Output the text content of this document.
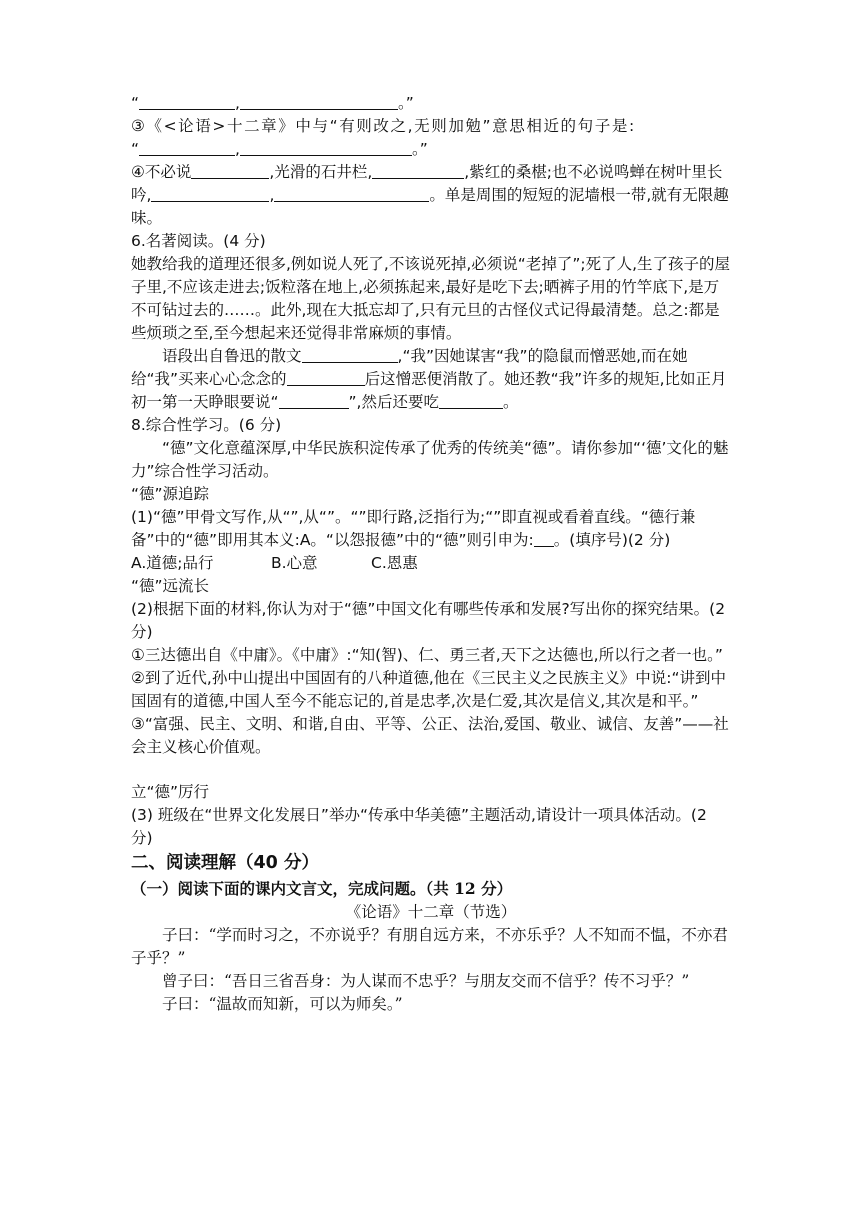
“	,	。”

③《<论语>十二章》中与“有则改之,无则加勉”意思相近的句子是:

“	,	。”

④不必说	,光滑的石井栏,	,紫红的桑椹;也不必说鸣蝉在树叶里长吟,	,	。单是周围的短短的泥墙根一带,就有无限趣味。

6.名著阅读。(4 分)

她教给我的道理还很多,例如说人死了,不该说死掉,必须说“老掉了”;死了人,生了孩子的屋子里,不应该走进去;饭粒落在地上,必须拣起来,最好是吃下去;晒裤子用的竹竿底下,是万不可钻过去的……。此外,现在大抵忘却了,只有元旦的古怪仪式记得最清楚。总之:都是些烦琐之至,至今想起来还觉得非常麻烦的事情。

语段出自鲁迅的散文	,“我”因她谋害“我”的隐鼠而憎恶她,而在她给“我”买来心心念念的	后这憎恶便消散了。她还教“我”许多的规矩,比如正月初一第一天睁眼要说“	”,然后还要吃	。

8.综合性学习。(6 分)

“德”文化意蕴深厚,中华民族积淀传承了优秀的传统美“德”。请你参加“‘德’文化的魅力”综合性学习活动。

“德”源追踪

(1)“德”甲骨文写作,从“”,从“”。“”即行路,泛指行为;“”即直视或看着直线。“德行兼备”中的“德”即用其本义:A。“以怨报德”中的“德”则引申为: 。(填序号)(2 分)

A.道德;品行	B.心意	C.恩惠

“德”远流长

(2)根据下面的材料,你认为对于“德”中国文化有哪些传承和发展?写出你的探究结果。(2 分)

①三达德出自《中庸》。《中庸》:“知(智)、仁、勇三者,天下之达德也,所以行之者一也。”

②到了近代,孙中山提出中国固有的八种道德,他在《三民主义之民族主义》中说:“讲到中国固有的道德,中国人至今不能忘记的,首是忠孝,次是仁爱,其次是信义,其次是和平。”

③“富强、民主、文明、和谐,自由、平等、公正、法治,爱国、敬业、诚信、友善”——社会主义核心价值观。

立“德”厉行

(3) 班级在“世界文化发展日”举办“传承中华美德”主题活动,请设计一项具体活动。(2 分)

二、阅读理解（40 分）

（一）阅读下面的课内文言文，完成问题。（共 12 分）

《论语》十二章（节选）

子曰：“学而时习之，不亦说乎？有朋自远方来，不亦乐乎？人不知而不愠，不亦君子乎？”

曾子曰：“吾日三省吾身：为人谋而不忠乎？与朋友交而不信乎？传不习乎？”

子曰：“温故而知新，可以为师矣。”
